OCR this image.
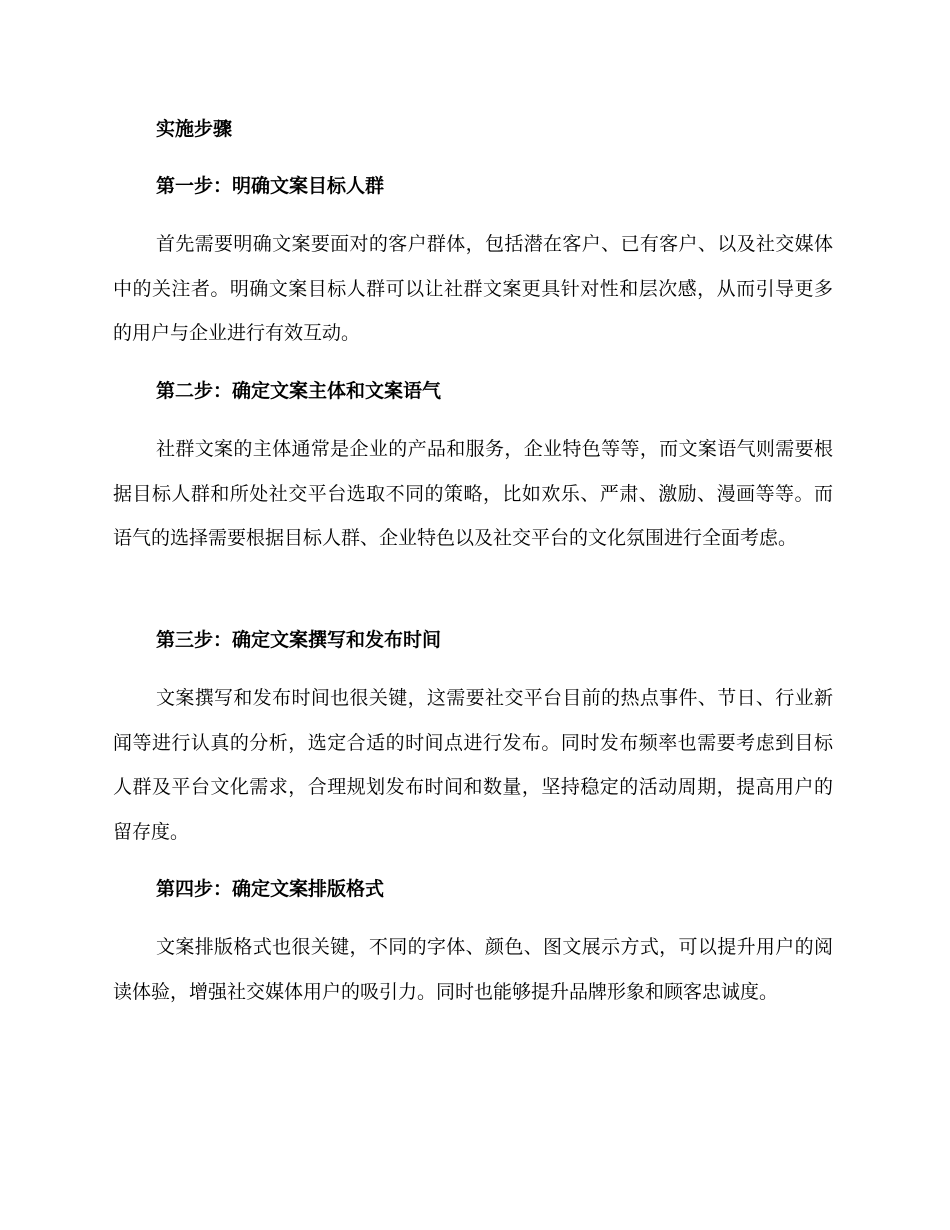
实施步骤
第一步：明确文案目标人群
首先需要明确文案要面对的客户群体，包括潜在客户、已有客户、以及社交媒体中的关注者。明确文案目标人群可以让社群文案更具针对性和层次感，从而引导更多的用户与企业进行有效互动。
第二步：确定文案主体和文案语气
社群文案的主体通常是企业的产品和服务，企业特色等等，而文案语气则需要根据目标人群和所处社交平台选取不同的策略，比如欢乐、严肃、激励、漫画等等。而语气的选择需要根据目标人群、企业特色以及社交平台的文化氛围进行全面考虑。
第三步：确定文案撰写和发布时间
文案撰写和发布时间也很关键，这需要社交平台目前的热点事件、节日、行业新闻等进行认真的分析，选定合适的时间点进行发布。同时发布频率也需要考虑到目标人群及平台文化需求，合理规划发布时间和数量，坚持稳定的活动周期，提高用户的留存度。
第四步：确定文案排版格式
文案排版格式也很关键，不同的字体、颜色、图文展示方式，可以提升用户的阅读体验，增强社交媒体用户的吸引力。同时也能够提升品牌形象和顾客忠诚度。
